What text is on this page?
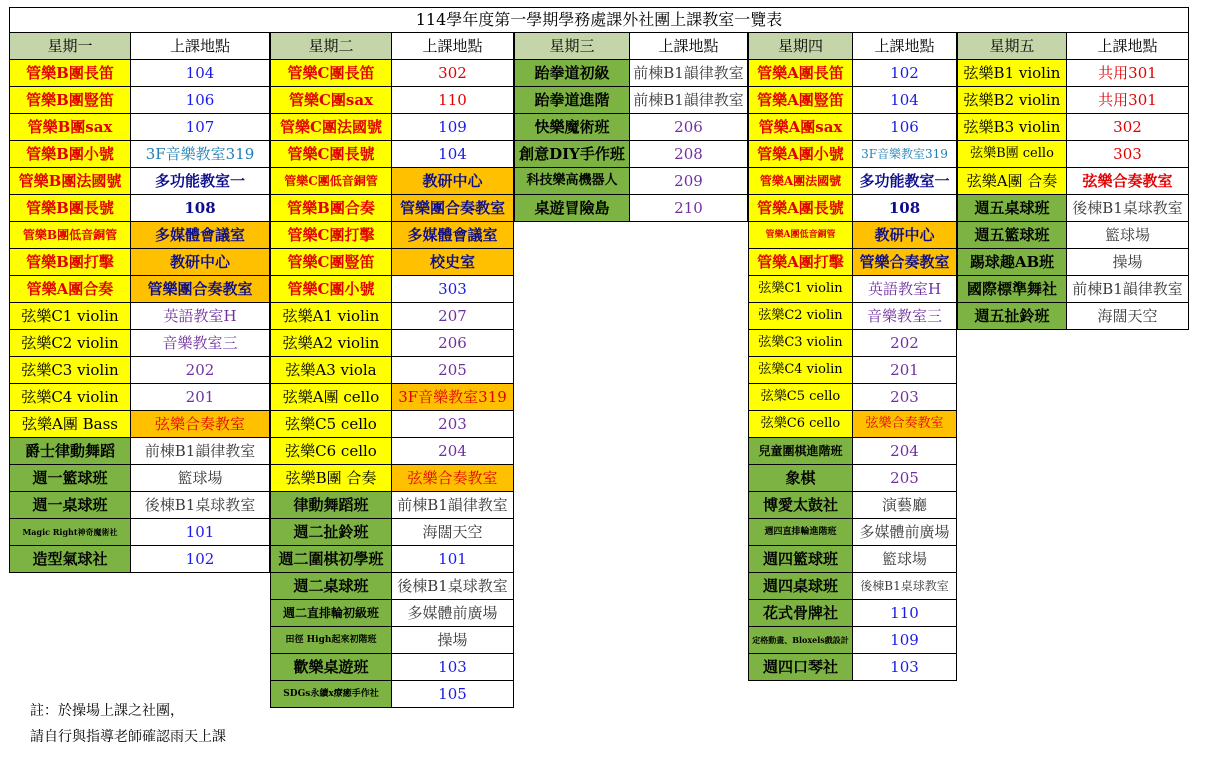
114學年度第一學期學務處課外社團上課教室一覽表
星期一	上課地點
管樂B團長笛	104
管樂B團豎笛	106
管樂B團sax	107
管樂B團小號	3F音樂教室319
管樂B團法國號	多功能教室一
管樂B團長號	108
管樂B團低音銅管	多媒體會議室
管樂B團打擊	教研中心
管樂A團合奏	管樂團合奏教室
弦樂C1 violin	英語教室H
弦樂C2 violin	音樂教室三
弦樂C3 violin	202
弦樂C4 violin	201
弦樂A團 Bass	弦樂合奏教室
爵士律動舞蹈	前棟B1韻律教室
週一籃球班	籃球場
週一桌球班	後棟B1桌球教室
Magic Right神奇魔術社	101
造型氣球社	102
星期二	上課地點
管樂C團長笛	302
管樂C團sax	110
管樂C團法國號	109
管樂C團長號	104
管樂C團低音銅管	教研中心
管樂B團合奏	管樂團合奏教室
管樂C團打擊	多媒體會議室
管樂C團豎笛	校史室
管樂C團小號	303
弦樂A1 violin	207
弦樂A2 violin	206
弦樂A3 viola	205
弦樂A團 cello	3F音樂教室319
弦樂C5 cello	203
弦樂C6 cello	204
弦樂B團 合奏	弦樂合奏教室
律動舞蹈班	前棟B1韻律教室
週二扯鈴班	海闊天空
週二圍棋初學班	101
週二桌球班	後棟B1桌球教室
週二直排輪初級班	多媒體前廣場
田徑 High起來初階班	操場
歡樂桌遊班	103
SDGs永續x療癒手作社	105
星期三	上課地點
跆拳道初級	前棟B1韻律教室
跆拳道進階	前棟B1韻律教室
快樂魔術班	206
創意DIY手作班	208
科技樂高機器人	209
桌遊冒險島	210
星期四	上課地點
管樂A團長笛	102
管樂A團豎笛	104
管樂A團sax	106
管樂A團小號	3F音樂教室319
管樂A團法國號	多功能教室一
管樂A團長號	108
管樂A團低音銅管	教研中心
管樂A團打擊	管樂合奏教室
弦樂C1 violin	英語教室H
弦樂C2 violin	音樂教室三
弦樂C3 violin	202
弦樂C4 violin	201
弦樂C5 cello	203
弦樂C6 cello	弦樂合奏教室
兒童圍棋進階班	204
象棋	205
博愛太鼓社	演藝廳
週四直排輪進階班	多媒體前廣場
週四籃球班	籃球場
週四桌球班	後棟B1桌球教室
花式骨牌社	110
定格動畫、Bloxels戲設計	109
週四口琴社	103
星期五	上課地點
弦樂B1 violin	共用301
弦樂B2 violin	共用301
弦樂B3 violin	302
弦樂B團 cello	303
弦樂A團 合奏	弦樂合奏教室
週五桌球班	後棟B1桌球教室
週五籃球班	籃球場
踢球趣AB班	操場
國際標準舞社	前棟B1韻律教室
週五扯鈴班	海闊天空
註：於操場上課之社團，
請自行與指導老師確認雨天上課
